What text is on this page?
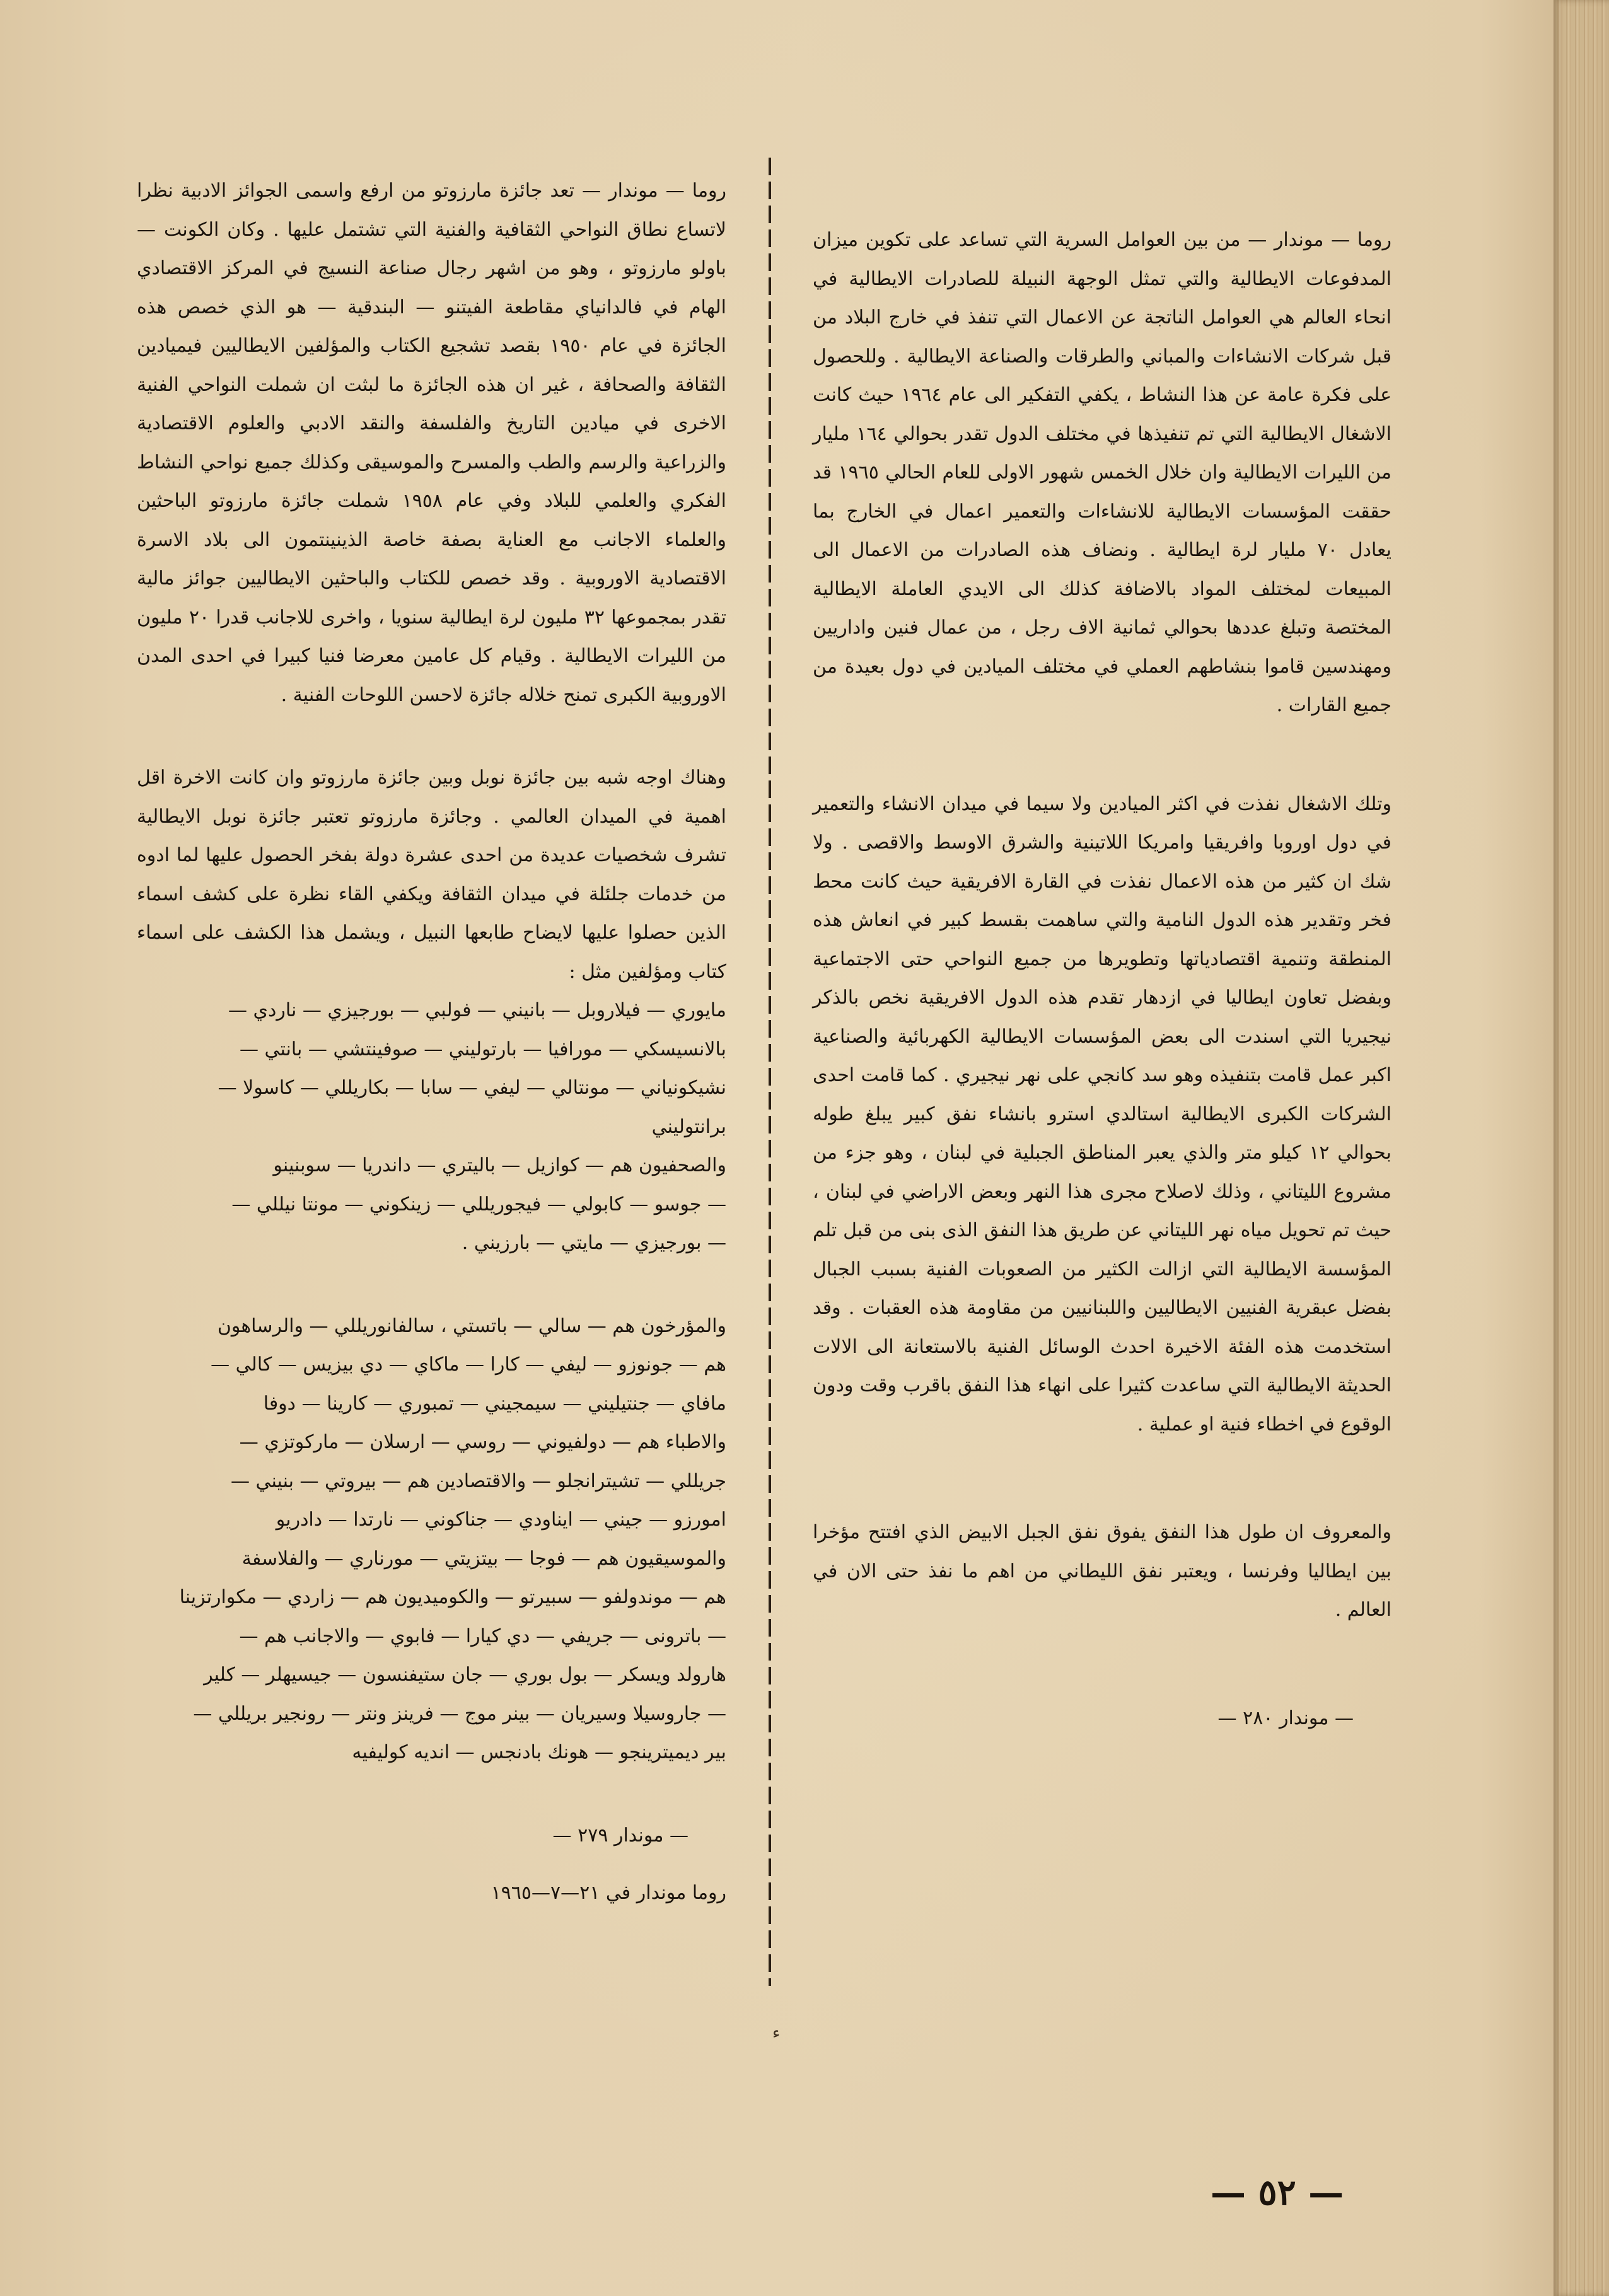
ء

روما — موندار — من بين العوامل السرية التي تساعد على تكوين ميزان المدفوعات الايطالية والتي تمثل الوجهة النبيلة للصادرات الايطالية في انحاء العالم هي العوامل الناتجة عن الاعمال التي تنفذ في خارج البلاد من قبل شركات الانشاءات والمباني والطرقات والصناعة الايطالية . وللحصول على فكرة عامة عن هذا النشاط ، يكفي التفكير الى عام ١٩٦٤ حيث كانت الاشغال الايطالية التي تم تنفيذها في مختلف الدول تقدر بحوالي ١٦٤ مليار من الليرات الايطالية وان خلال الخمس شهور الاولى للعام الحالي ١٩٦٥ قد حققت المؤسسات الايطالية للانشاءات والتعمير اعمال في الخارج بما يعادل ٧٠ مليار لرة ايطالية . ونضاف هذه الصادرات من الاعمال الى المبيعات لمختلف المواد بالاضافة كذلك الى الايدي العاملة الايطالية المختصة وتبلغ عددها بحوالي ثمانية الاف رجل ، من عمال فنين واداريين ومهندسين قاموا بنشاطهم العملي في مختلف الميادين في دول بعيدة من جميع القارات .

وتلك الاشغال نفذت في اكثر الميادين ولا سيما في ميدان الانشاء والتعمير في دول اوروبا وافريقيا وامريكا اللاتينية والشرق الاوسط والاقصى . ولا شك ان كثير من هذه الاعمال نفذت في القارة الافريقية حيث كانت محط فخر وتقدير هذه الدول النامية والتي ساهمت بقسط كبير في انعاش هذه المنطقة وتنمية اقتصادياتها وتطويرها من جميع النواحي حتى الاجتماعية وبفضل تعاون ايطاليا في ازدهار تقدم هذه الدول الافريقية نخص بالذكر نيجيريا التي اسندت الى بعض المؤسسات الايطالية الكهربائية والصناعية اكبر عمل قامت بتنفيذه وهو سد كانجي على نهر نيجيري . كما قامت احدى الشركات الكبرى الايطالية استالدي استرو بانشاء نفق كبير يبلغ طوله بحوالي ١٢ كيلو متر والذي يعبر المناطق الجبلية في لبنان ، وهو جزء من مشروع الليتاني ، وذلك لاصلاح مجرى هذا النهر وبعض الاراضي في لبنان ، حيث تم تحويل مياه نهر الليتاني عن طريق هذا النفق الذى بنى من قبل تلم المؤسسة الايطالية التي ازالت الكثير من الصعوبات الفنية بسبب الجبال بفضل عبقرية الفنيين الايطاليين واللبنانيين من مقاومة هذه العقبات . وقد استخدمت هذه الفئة الاخيرة احدث الوسائل الفنية بالاستعانة الى الالات الحديثة الايطالية التي ساعدت كثيرا على انهاء هذا النفق باقرب وقت ودون الوقوع في اخطاء فنية او عملية .

والمعروف ان طول هذا النفق يفوق نفق الجبل الابيض الذي افتتح مؤخرا بين ايطاليا وفرنسا ، ويعتبر نفق الليطاني من اهم ما نفذ حتى الان في العالم .

— موندار ٢٨٠ —

روما — موندار — تعد جائزة مارزوتو من ارفع واسمى الجوائز الادبية نظرا لاتساع نطاق النواحي الثقافية والفنية التي تشتمل عليها . وكان الكونت — باولو مارزوتو ، وهو من اشهر رجال صناعة النسيج في المركز الاقتصادي الهام في فالدانياي مقاطعة الفيتنو — البندقية — هو الذي خصص هذه الجائزة في عام ١٩٥٠ بقصد تشجيع الكتاب والمؤلفين الايطاليين فيميادين الثقافة والصحافة ، غير ان هذه الجائزة ما لبثت ان شملت النواحي الفنية الاخرى في ميادين التاريخ والفلسفة والنقد الادبي والعلوم الاقتصادية والزراعية والرسم والطب والمسرح والموسيقى وكذلك جميع نواحي النشاط الفكري والعلمي للبلاد وفي عام ١٩٥٨ شملت جائزة مارزوتو الباحثين والعلماء الاجانب مع العناية بصفة خاصة الذينينتمون الى بلاد الاسرة الاقتصادية الاوروبية . وقد خصص للكتاب والباحثين الايطاليين جوائز مالية تقدر بمجموعها ٣٢ مليون لرة ايطالية سنويا ، واخرى للاجانب قدرا ٢٠ مليون من الليرات الايطالية . وقيام كل عامين معرضا فنيا كبيرا في احدى المدن الاوروبية الكبرى تمنح خلاله جائزة لاحسن اللوحات الفنية .

وهناك اوجه شبه بين جائزة نوبل وبين جائزة مارزوتو وان كانت الاخرة اقل اهمية في الميدان العالمي . وجائزة مارزوتو تعتبر جائزة نوبل الايطالية تشرف شخصيات عديدة من احدى عشرة دولة بفخر الحصول عليها لما ادوه من خدمات جلئلة في ميدان الثقافة ويكفي القاء نظرة على كشف اسماء الذين حصلوا عليها لايضاح طابعها النبيل ، ويشمل هذا الكشف على اسماء كتاب ومؤلفين مثل :

مايوري — فيلاروبل — بانيني — فولبي — بورجيزي — ناردي —

بالانسيسكي — مورافيا — بارتوليني — صوفينتشي — بانتي —

نشيكونياني — مونتالي — ليفي — سابا — بكاريللي — كاسولا —

برانتوليني

والصحفيون هم — كوازيل — باليتري — داندريا — سوبنينو

— جوسو — كابولي — فيجوريللي — زينكوني — مونتا نيللي —

— بورجيزي — مايتي — بارزيني .

والمؤرخون هم — سالي — باتستي ، سالفانوريللي — والرساهون

هم — جونوزو — ليفي — كارا — ماكاي — دي بيزيس — كالي —

مافاي — جنتيليني — سيمجيني — تمبوري — كارينا — دوفا

والاطباء هم — دولفيوني — روسي — ارسلان — ماركوتزي —

جريللي — تشيترانجلو — والاقتصادين هم — بيروتي — بنيني —

امورزو — جيني — ايناودي — جناكوني — نارتدا — دادريو

والموسيقيون هم — فوجا — بيتزيتي — مورناري — والفلاسفة

هم — موندولفو — سبيرتو — والكوميديون هم — زاردي — مكوارتزينا

— باترونى — جريفي — دي كيارا — فابوي — والاجانب هم —

هارولد ويسكر — بول بوري — جان ستيفنسون — جيسيهلر — كلير

— جاروسيلا وسيريان — بينر موج — فرينز ونتر — رونجير بريللي —

بير ديميترينجو — هونك بادنجس — انديه كوليفيه

— موندار ٢٧٩ —

روما موندار في ٢١—٧—١٩٦٥

— ٥٢ —
